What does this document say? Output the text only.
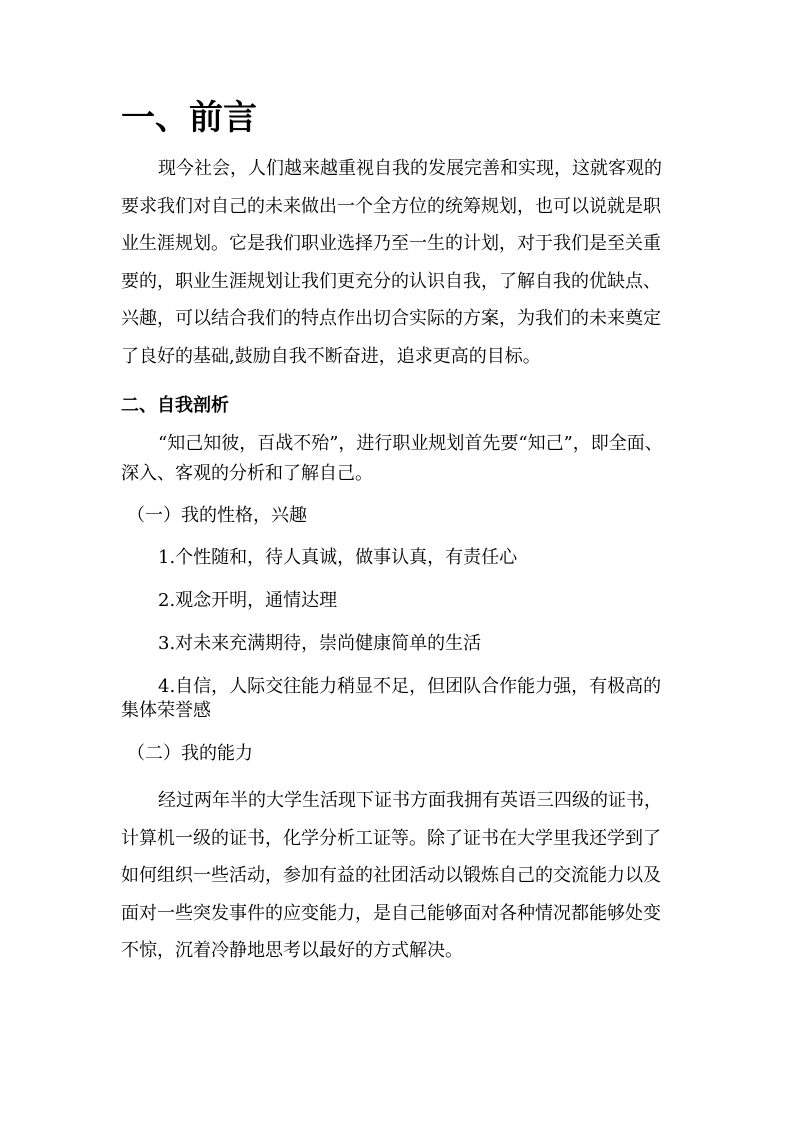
一、前言

现今社会，人们越来越重视自我的发展完善和实现，这就客观的要求我们对自己的未来做出一个全方位的统筹规划，也可以说就是职业生涯规划。它是我们职业选择乃至一生的计划，对于我们是至关重要的，职业生涯规划让我们更充分的认识自我，了解自我的优缺点、兴趣，可以结合我们的特点作出切合实际的方案，为我们的未来奠定了良好的基础,鼓励自我不断奋进，追求更高的目标。

二、自我剖析

“知己知彼，百战不殆”，进行职业规划首先要“知己”，即全面、深入、客观的分析和了解自己。

（一）我的性格，兴趣

1.个性随和，待人真诚，做事认真，有责任心

2.观念开明，通情达理

3.对未来充满期待，崇尚健康简单的生活

4.自信，人际交往能力稍显不足，但团队合作能力强，有极高的集体荣誉感

（二）我的能力

经过两年半的大学生活现下证书方面我拥有英语三四级的证书，计算机一级的证书，化学分析工证等。除了证书在大学里我还学到了如何组织一些活动，参加有益的社团活动以锻炼自己的交流能力以及面对一些突发事件的应变能力，是自己能够面对各种情况都能够处变不惊，沉着冷静地思考以最好的方式解决。
